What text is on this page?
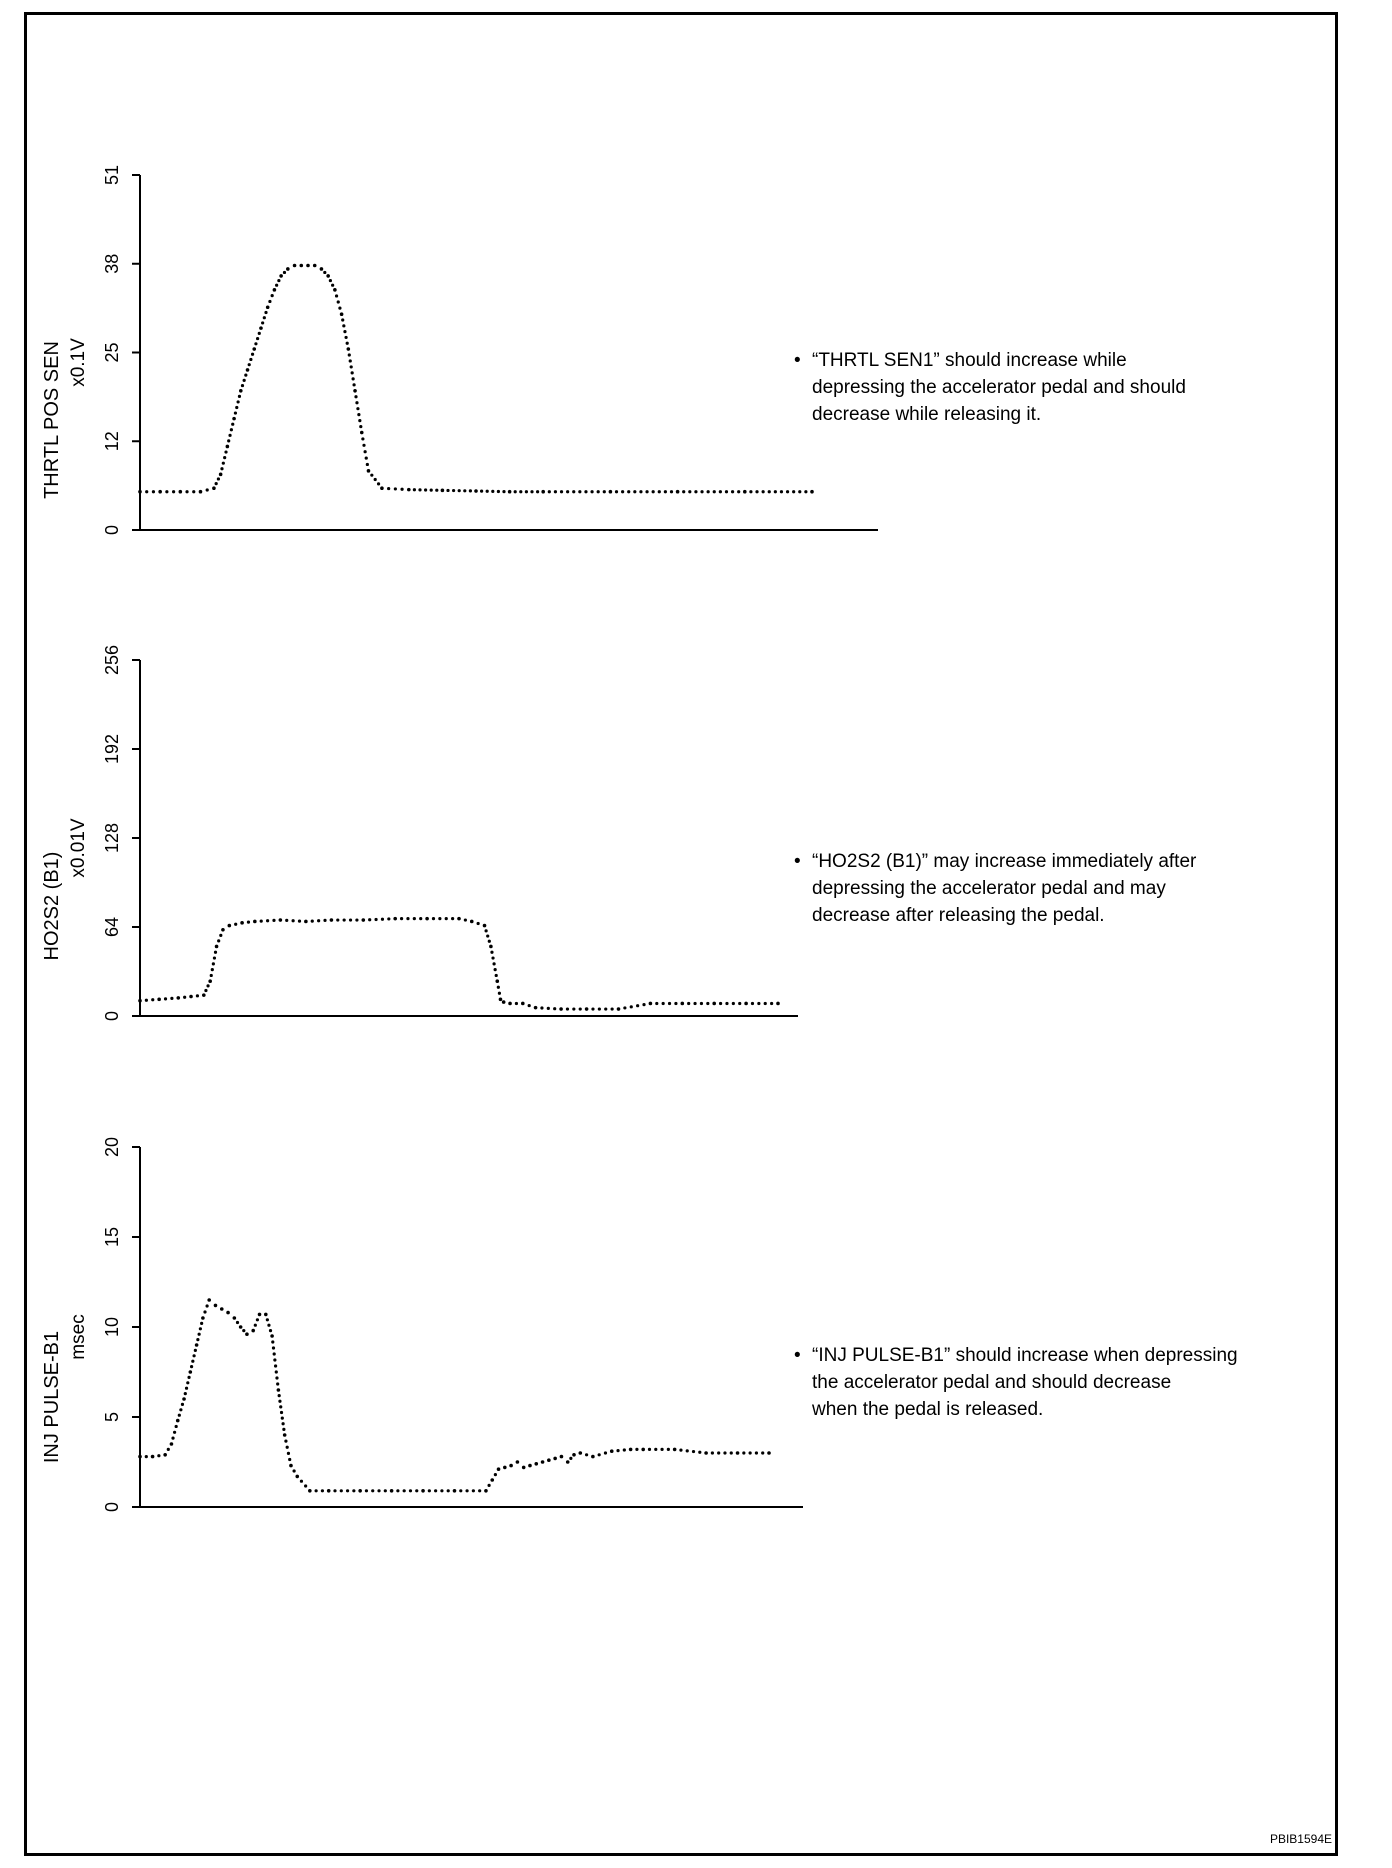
0
12
25
38
51
THRTL POS SEN x0.1V
0
64
128
192
256
HO2S2 (B1)
x0.01V
0
5
10
15
20
INJ PULSE-B1 msec
• “THRTL SEN1” should increase while
depressing the accelerator pedal and should
decrease while releasing it.
• “HO2S2 (B1)” may increase immediately after
depressing the accelerator pedal and may
decrease after releasing the pedal.
• “INJ PULSE-B1” should increase when depressing
the accelerator pedal and should decrease
when the pedal is released.
PBIB1594E
